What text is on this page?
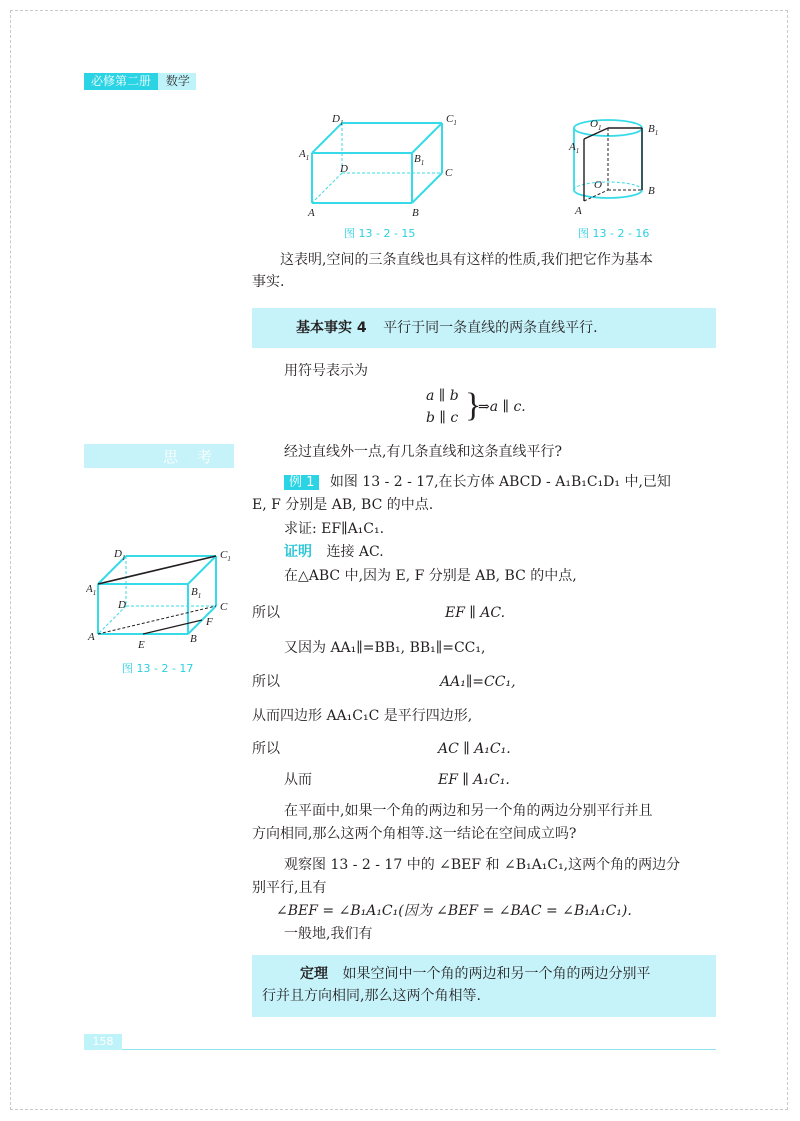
必修第二册 数学
$D_1$	$C_1$
$A_1$	$B_1$
D	C
A	B
图 13 - 2 - 15
$O_1$	$B_1$
$A_1$
O	B
A
图 13 - 2 - 16
这表明,空间的三条直线也具有这样的性质,我们把它作为基本
事实.
基本事实 4 平行于同一条直线的两条直线平行.
用符号表示为
a ∥ b
b ∥ c }
⇒a ∥ c.
思　考	经过直线外一点,有几条直线和这条直线平行?
例 1 如图 13 - 2 - 17,在长方体 ABCD - A₁B₁C₁D₁ 中,已知
E, F 分别是 AB, BC 的中点.
求证: EF∥A₁C₁.
证明 连接 AC.
在△ABC 中,因为 E, F 分别是 AB, BC 的中点,
所以	EF ∥ AC.
又因为 AA₁∥=BB₁, BB₁∥=CC₁,
所以	AA₁∥=CC₁,
从而四边形 AA₁C₁C 是平行四边形,
所以	AC ∥ A₁C₁.
从而	EF ∥ A₁C₁.
$D_1$	$C_1$
$A_1$	$B_1$
D	C
F
A	B
E
图 13 - 2 - 17
在平面中,如果一个角的两边和另一个角的两边分别平行并且
方向相同,那么这两个角相等.这一结论在空间成立吗?
观察图 13 - 2 - 17 中的 ∠BEF 和 ∠B₁A₁C₁,这两个角的两边分
别平行,且有
∠BEF = ∠B₁A₁C₁(因为 ∠BEF = ∠BAC = ∠B₁A₁C₁).
一般地,我们有
定理 如果空间中一个角的两边和另一个角的两边分别平
行并且方向相同,那么这两个角相等.
158
